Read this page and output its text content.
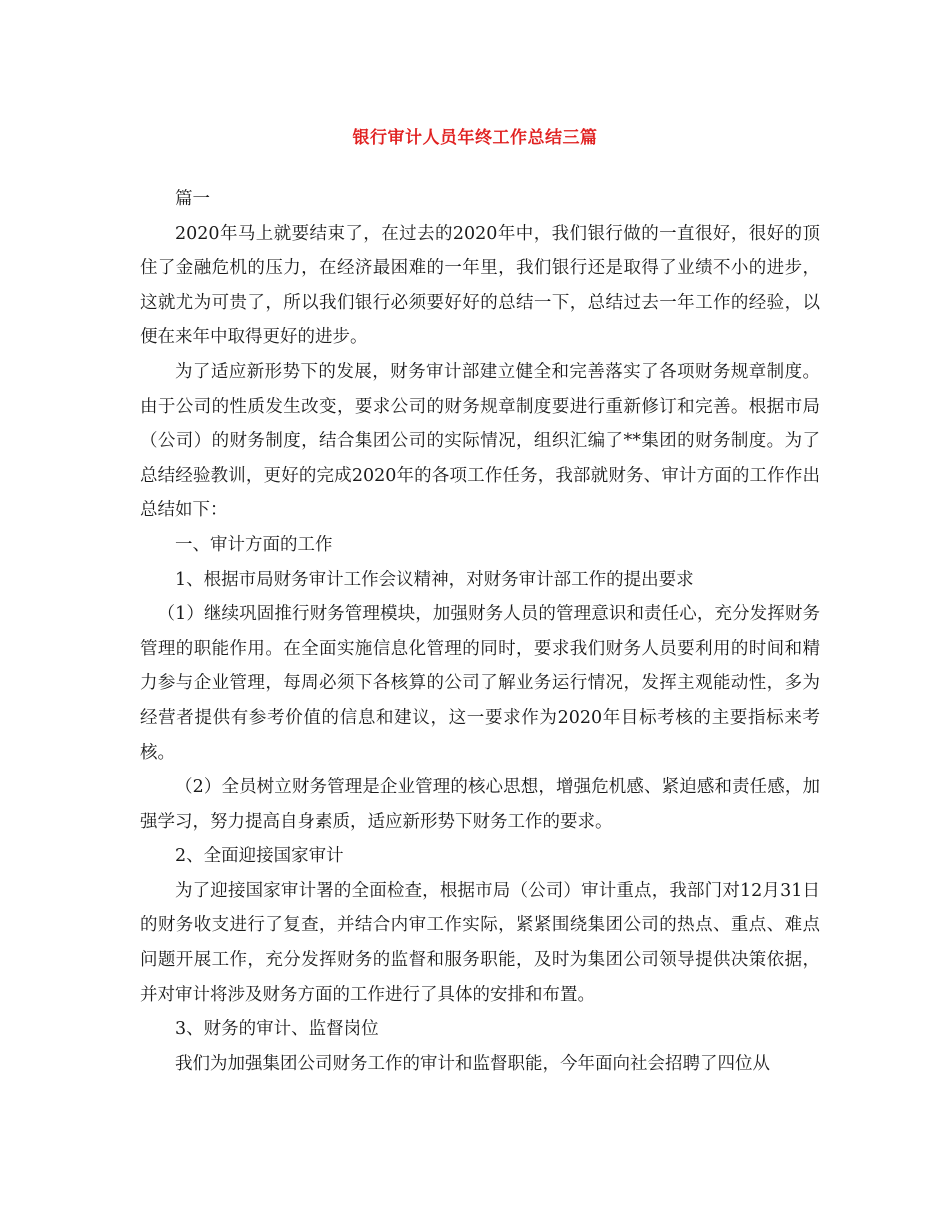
银行审计人员年终工作总结三篇

篇一

2020年马上就要结束了，在过去的2020年中，我们银行做的一直很好，很好的顶住了金融危机的压力，在经济最困难的一年里，我们银行还是取得了业绩不小的进步，这就尤为可贵了，所以我们银行必须要好好的总结一下，总结过去一年工作的经验，以便在来年中取得更好的进步。

为了适应新形势下的发展，财务审计部建立健全和完善落实了各项财务规章制度。由于公司的性质发生改变，要求公司的财务规章制度要进行重新修订和完善。根据市局（公司）的财务制度，结合集团公司的实际情况，组织汇编了**集团的财务制度。为了总结经验教训，更好的完成2020年的各项工作任务，我部就财务、审计方面的工作作出总结如下：

一、审计方面的工作

1、根据市局财务审计工作会议精神，对财务审计部工作的提出要求

（1）继续巩固推行财务管理模块，加强财务人员的管理意识和责任心，充分发挥财务管理的职能作用。在全面实施信息化管理的同时，要求我们财务人员要利用的时间和精力参与企业管理，每周必须下各核算的公司了解业务运行情况，发挥主观能动性，多为经营者提供有参考价值的信息和建议，这一要求作为2020年目标考核的主要指标来考核。

（2）全员树立财务管理是企业管理的核心思想，增强危机感、紧迫感和责任感，加强学习，努力提高自身素质，适应新形势下财务工作的要求。

2、全面迎接国家审计

为了迎接国家审计署的全面检查，根据市局（公司）审计重点，我部门对12月31日的财务收支进行了复查，并结合内审工作实际，紧紧围绕集团公司的热点、重点、难点问题开展工作，充分发挥财务的监督和服务职能，及时为集团公司领导提供决策依据，并对审计将涉及财务方面的工作进行了具体的安排和布置。

3、财务的审计、监督岗位

我们为加强集团公司财务工作的审计和监督职能，今年面向社会招聘了四位从
